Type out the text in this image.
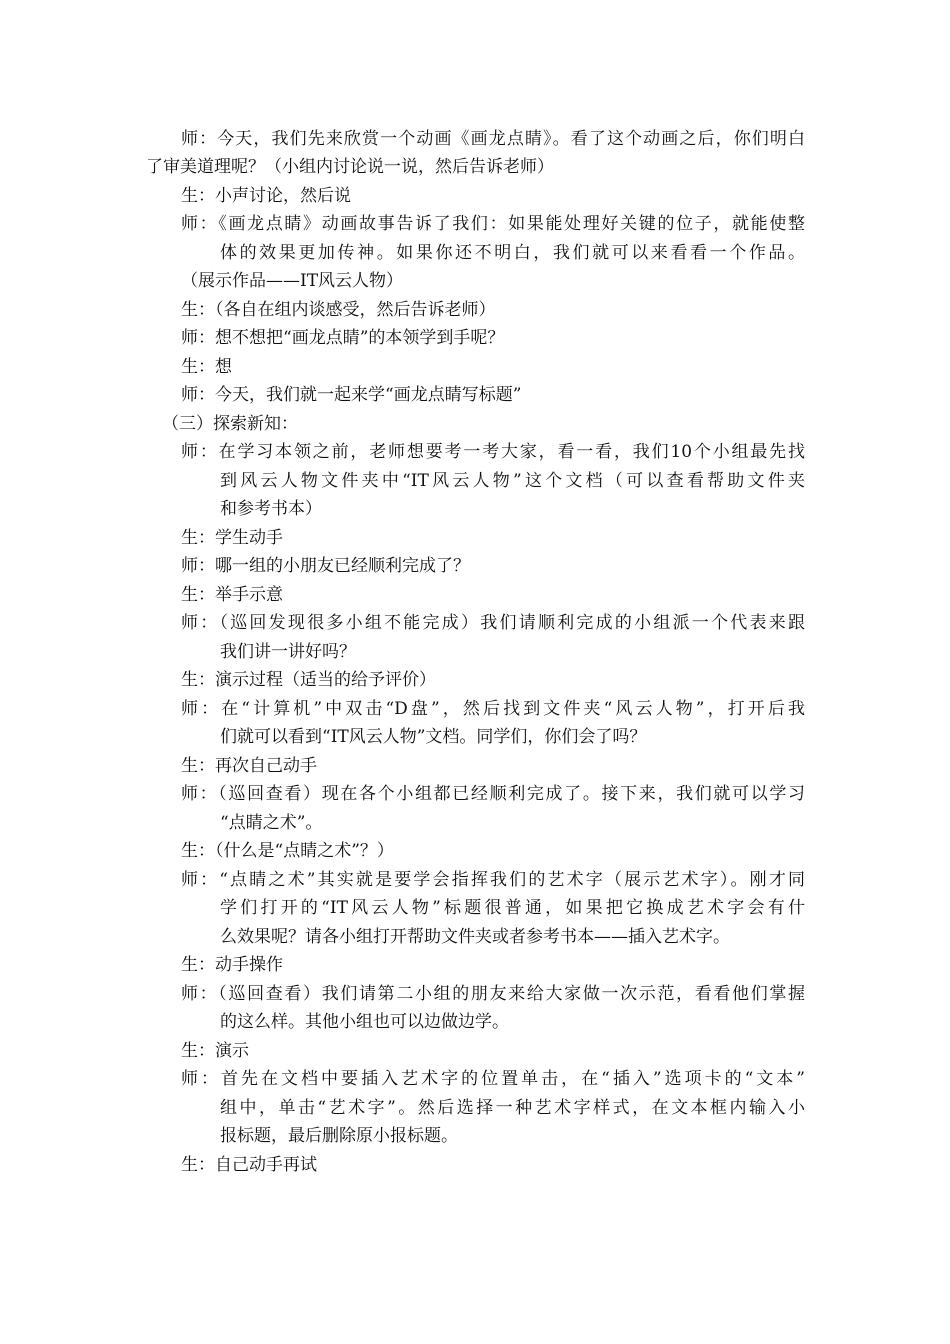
师：今天，我们先来欣赏一个动画《画龙点睛》。看了这个动画之后，你们明白
了审美道理呢？（小组内讨论说一说，然后告诉老师）
生：小声讨论，然后说
师：《画龙点睛》动画故事告诉了我们：如果能处理好关键的位子，就能使整
体的效果更加传神。如果你还不明白，我们就可以来看看一个作品。
（展示作品——IT风云人物）
生：（各自在组内谈感受，然后告诉老师）
师：想不想把“画龙点睛”的本领学到手呢？
生：想
师：今天，我们就一起来学“画龙点睛写标题”
（三）探索新知：
师：在学习本领之前，老师想要考一考大家，看一看，我们10个小组最先找
到风云人物文件夹中“IT风云人物”这个文档（可以查看帮助文件夹
和参考书本）
生：学生动手
师：哪一组的小朋友已经顺利完成了？
生：举手示意
师：（巡回发现很多小组不能完成）我们请顺利完成的小组派一个代表来跟
我们讲一讲好吗？
生：演示过程（适当的给予评价）
师：在“计算机”中双击“D盘”，然后找到文件夹“风云人物”，打开后我
们就可以看到“IT风云人物”文档。同学们，你们会了吗？
生：再次自己动手
师：（巡回查看）现在各个小组都已经顺利完成了。接下来，我们就可以学习
“点睛之术”。
生：（什么是“点睛之术”？）
师：“点睛之术”其实就是要学会指挥我们的艺术字（展示艺术字）。刚才同
学们打开的“IT风云人物”标题很普通，如果把它换成艺术字会有什
么效果呢？请各小组打开帮助文件夹或者参考书本——插入艺术字。
生：动手操作
师：（巡回查看）我们请第二小组的朋友来给大家做一次示范，看看他们掌握
的这么样。其他小组也可以边做边学。
生：演示
师：首先在文档中要插入艺术字的位置单击，在“插入”选项卡的“文本”
组中，单击“艺术字”。然后选择一种艺术字样式，在文本框内输入小
报标题，最后删除原小报标题。
生：自己动手再试
